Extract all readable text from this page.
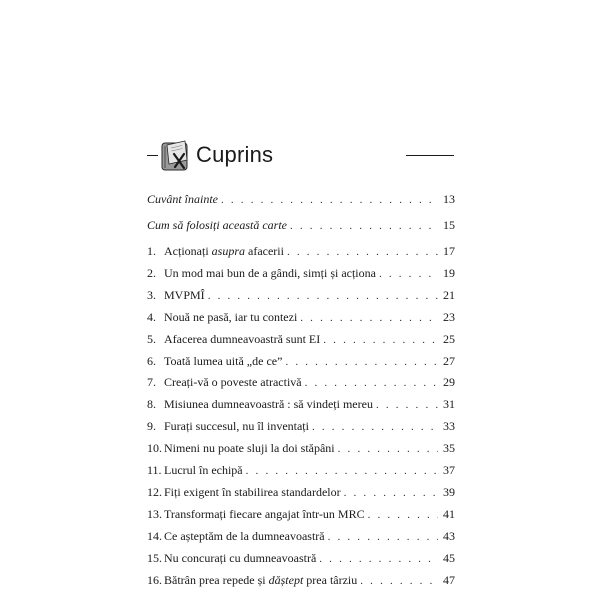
Cuprins
Cuvânt înainte . . .	13
Cum să folosiți această carte . . .	15
1. Acționați asupra afacerii . . .	17
2. Un mod mai bun de a gândi, simți și acționa . . .	19
3. MVPMÎ . . .	21
4. Nouă ne pasă, iar tu contezi . . .	23
5. Afacerea dumneavoastră sunt EI . . .	25
6. Toată lumea uită „de ce” . . .	27
7. Creați-vă o poveste atractivă . . .	29
8. Misiunea dumneavoastră : să vindeți mereu . . .	31
9. Furați succesul, nu îl inventați . . .	33
10. Nimeni nu poate sluji la doi stăpâni . . .	35
11. Lucrul în echipă . . .	37
12. Fiți exigent în stabilirea standardelor . . .	39
13. Transformați fiecare angajat într-un MRC . . .	41
14. Ce așteptăm de la dumneavoastră . . .	43
15. Nu concurați cu dumneavoastră . . .	45
16. Bătrân prea repede și dăștept prea târziu . . .	47
